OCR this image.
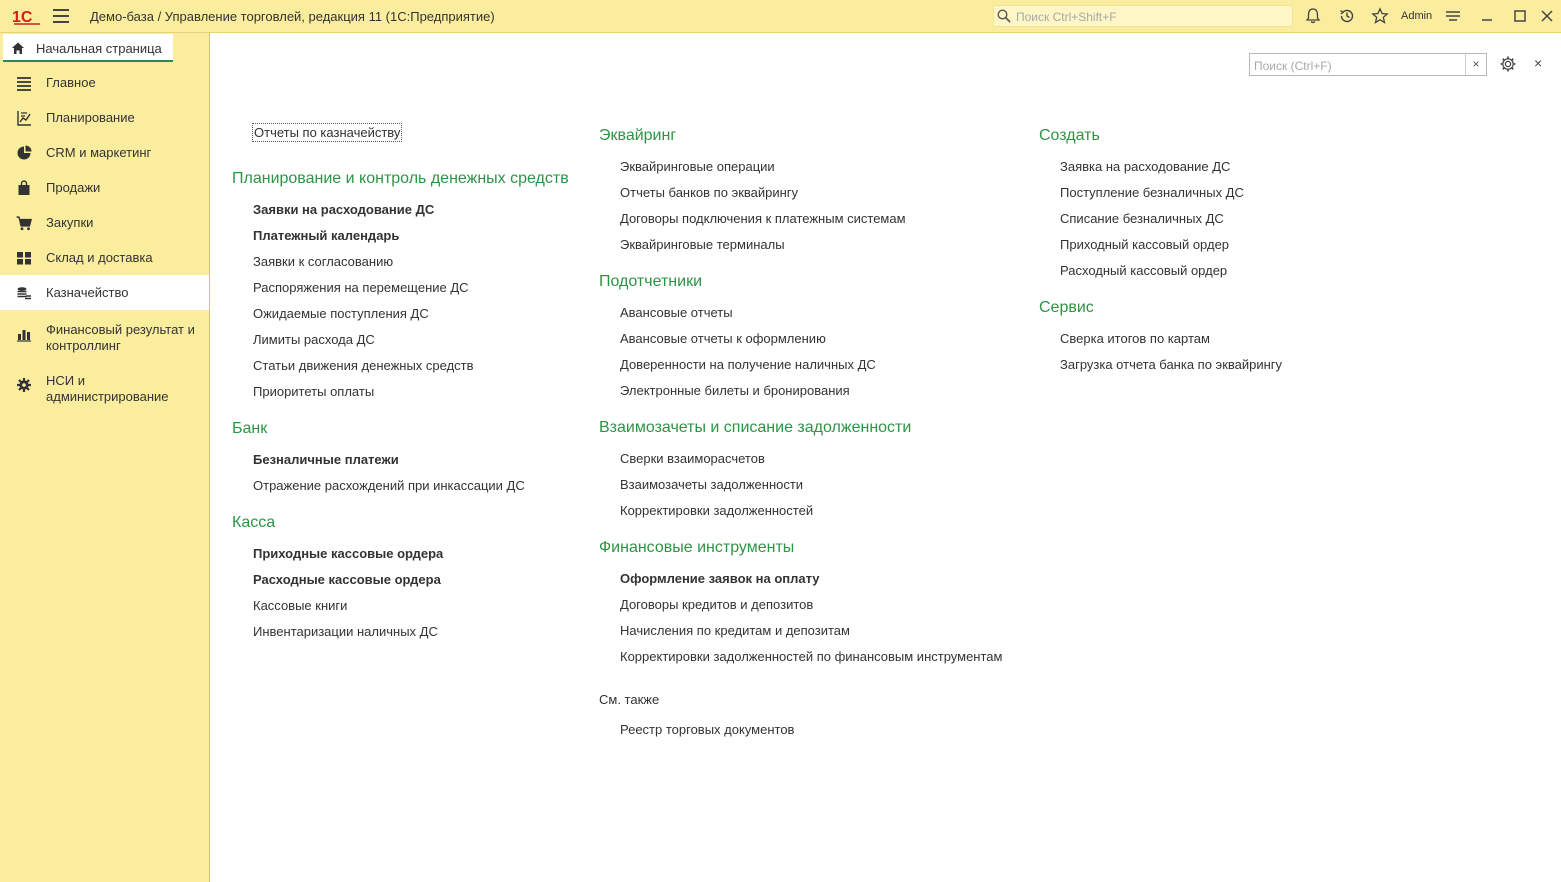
1С	Демо-база / Управление торговлей, редакция 11 (1С:Предприятие)
Поиск Ctrl+Shift+F	Admin
Начальная страница
Главное
Планирование
CRM и маркетинг
Продажи
Закупки
Склад и доставка
Казначейство
Финансовый результат и контроллинг
НСИ и администрирование
Поиск (Ctrl+F)
×	×
Отчеты по казначейству
Планирование и контроль денежных средств
Заявки на расходование ДС
Платежный календарь
Заявки к согласованию
Распоряжения на перемещение ДС
Ожидаемые поступления ДС
Лимиты расхода ДС
Статьи движения денежных средств
Приоритеты оплаты
Банк
Безналичные платежи
Отражение расхождений при инкассации ДС
Касса
Приходные кассовые ордера
Расходные кассовые ордера
Кассовые книги
Инвентаризации наличных ДС
Эквайринг
Эквайринговые операции
Отчеты банков по эквайрингу
Договоры подключения к платежным системам
Эквайринговые терминалы
Подотчетники
Авансовые отчеты
Авансовые отчеты к оформлению
Доверенности на получение наличных ДС
Электронные билеты и бронирования
Взаимозачеты и списание задолженности
Сверки взаиморасчетов
Взаимозачеты задолженности
Корректировки задолженностей
Финансовые инструменты
Оформление заявок на оплату
Договоры кредитов и депозитов
Начисления по кредитам и депозитам
Корректировки задолженностей по финансовым инструментам
См. также
Реестр торговых документов
Создать
Заявка на расходование ДС
Поступление безналичных ДС
Списание безналичных ДС
Приходный кассовый ордер
Расходный кассовый ордер
Сервис
Сверка итогов по картам
Загрузка отчета банка по эквайрингу
